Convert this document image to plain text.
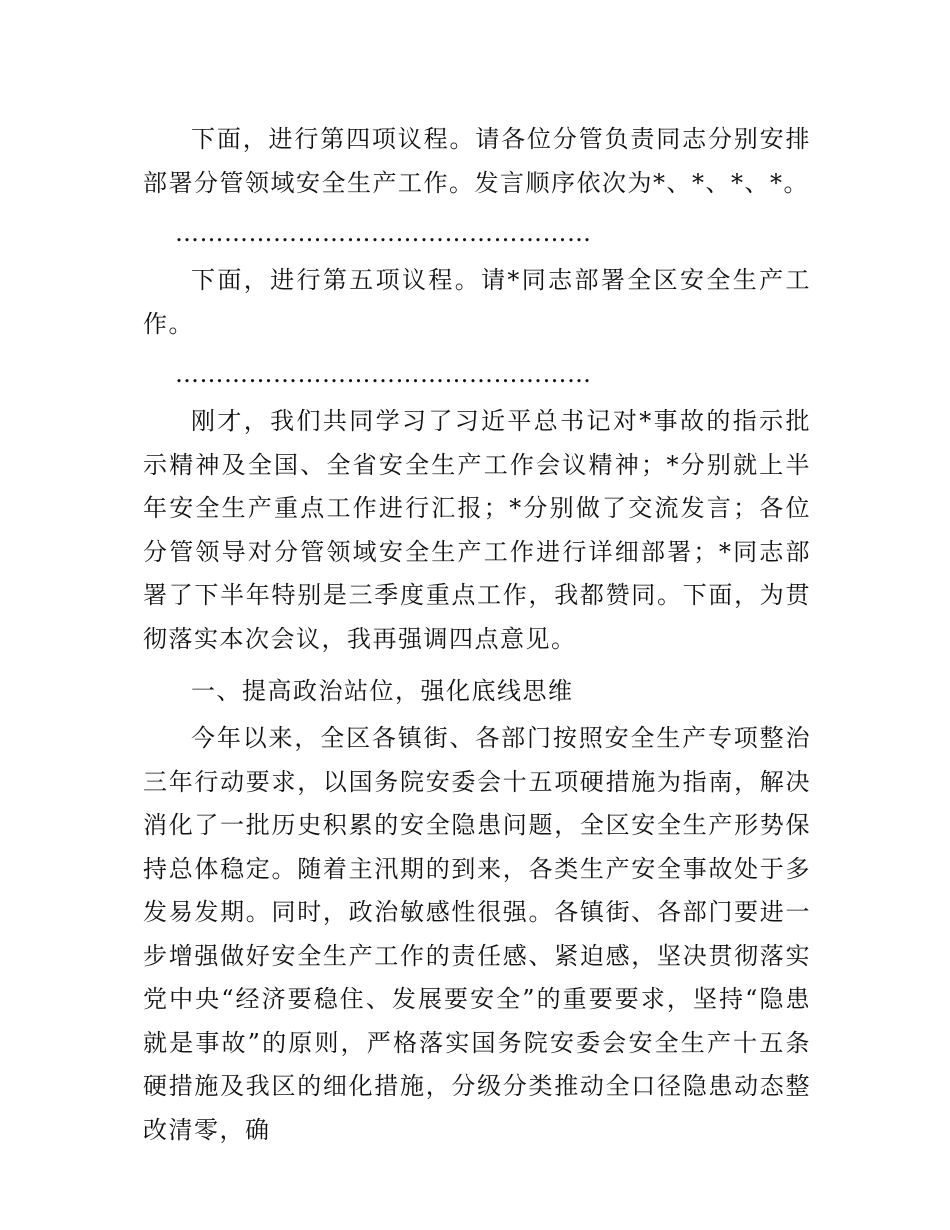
下面，进行第四项议程。请各位分管负责同志分别安排部署分管领域安全生产工作。发言顺序依次为*、*、*、*。

……………………………………………

下面，进行第五项议程。请*同志部署全区安全生产工作。

……………………………………………

刚才，我们共同学习了习近平总书记对*事故的指示批示精神及全国、全省安全生产工作会议精神；*分别就上半年安全生产重点工作进行汇报；*分别做了交流发言；各位分管领导对分管领域安全生产工作进行详细部署；*同志部署了下半年特别是三季度重点工作，我都赞同。下面，为贯彻落实本次会议，我再强调四点意见。

一、提高政治站位，强化底线思维

今年以来，全区各镇街、各部门按照安全生产专项整治三年行动要求，以国务院安委会十五项硬措施为指南，解决消化了一批历史积累的安全隐患问题，全区安全生产形势保持总体稳定。随着主汛期的到来，各类生产安全事故处于多发易发期。同时，政治敏感性很强。各镇街、各部门要进一步增强做好安全生产工作的责任感、紧迫感，坚决贯彻落实党中央“经济要稳住、发展要安全”的重要要求，坚持“隐患就是事故”的原则，严格落实国务院安委会安全生产十五条硬措施及我区的细化措施，分级分类推动全口径隐患动态整改清零，确
